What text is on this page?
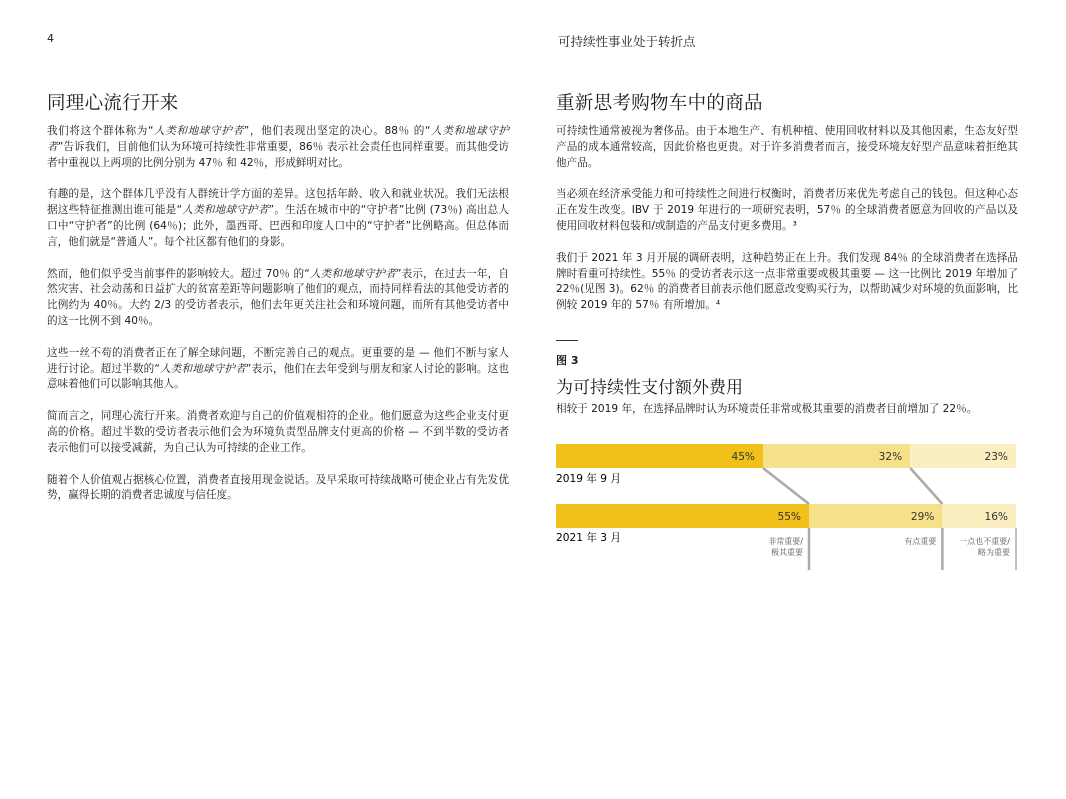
4	可持续性事业处于转折点
同理心流行开来

我们将这个群体称为“人类和地球守护者”，他们表现出坚定的决心。88％ 的“人类和地球守护者”告诉我们，目前他们认为环境可持续性非常重要，86％ 表示社会责任也同样重要。而其他受访者中重视以上两项的比例分别为 47％ 和 42％，形成鲜明对比。

有趣的是，这个群体几乎没有人群统计学方面的差异。这包括年龄、收入和就业状况。我们无法根据这些特征推测出谁可能是“人类和地球守护者”。生活在城市中的“守护者”比例 (73％) 高出总人口中“守护者”的比例 (64％)；此外，墨西哥、巴西和印度人口中的“守护者”比例略高。但总体而言，他们就是“普通人”。每个社区都有他们的身影。

然而，他们似乎受当前事件的影响较大。超过 70％ 的“人类和地球守护者”表示，在过去一年，自然灾害、社会动荡和日益扩大的贫富差距等问题影响了他们的观点，而持同样看法的其他受访者的比例约为 40％。大约 2/3 的受访者表示，他们去年更关注社会和环境问题，而所有其他受访者中的这一比例不到 40％。

这些一丝不苟的消费者正在了解全球问题，不断完善自己的观点。更重要的是 — 他们不断与家人进行讨论。超过半数的“人类和地球守护者”表示，他们在去年受到与朋友和家人讨论的影响。这也意味着他们可以影响其他人。

简而言之，同理心流行开来。消费者欢迎与自己的价值观相符的企业。他们愿意为这些企业支付更高的价格。超过半数的受访者表示他们会为环境负责型品牌支付更高的价格 — 不到半数的受访者表示他们可以接受减薪，为自己认为可持续的企业工作。

随着个人价值观占据核心位置，消费者直接用现金说话。及早采取可持续战略可使企业占有先发优势，赢得长期的消费者忠诚度与信任度。

重新思考购物车中的商品

可持续性通常被视为奢侈品。由于本地生产、有机种植、使用回收材料以及其他因素，生态友好型产品的成本通常较高，因此价格也更贵。对于许多消费者而言，接受环境友好型产品意味着拒绝其他产品。

当必须在经济承受能力和可持续性之间进行权衡时，消费者历来优先考虑自己的钱包。但这种心态正在发生改变。IBV 于 2019 年进行的一项研究表明，57％ 的全球消费者愿意为回收的产品以及使用回收材料包装和/或制造的产品支付更多费用。³

我们于 2021 年 3 月开展的调研表明，这种趋势正在上升。我们发现 84％ 的全球消费者在选择品牌时看重可持续性。55％ 的受访者表示这一点非常重要或极其重要 — 这一比例比 2019 年增加了 22％(见图 3)。62％ 的消费者目前表示他们愿意改变购买行为，以帮助减少对环境的负面影响，比例较 2019 年的 57％ 有所增加。⁴

图 3
为可持续性支付额外费用
相较于 2019 年，在选择品牌时认为环境责任非常或极其重要的消费者目前增加了 22％。
45%	32%	23%
2019 年 9 月
55%	29%	16%
2021 年 3 月	非常重要/
极其重要
有点重要	一点也不重要/
略为重要
